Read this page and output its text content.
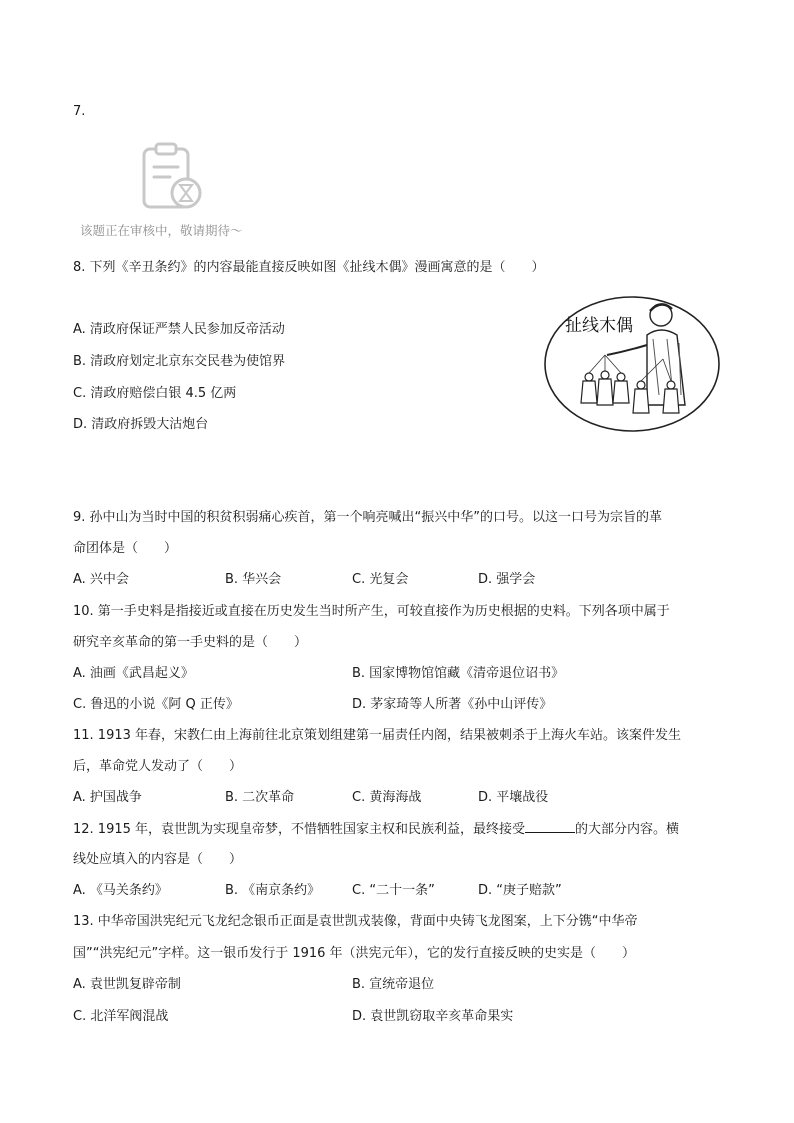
7.
该题正在审核中，敬请期待～
8. 下列《辛丑条约》的内容最能直接反映如图《扯线木偶》漫画寓意的是（　　）
A. 清政府保证严禁人民参加反帝活动
B. 清政府划定北京东交民巷为使馆界
C. 清政府赔偿白银 4.5 亿两
D. 清政府拆毁大沽炮台
扯线木偶
9. 孙中山为当时中国的积贫积弱痛心疾首，第一个响亮喊出“振兴中华”的口号。以这一口号为宗旨的革
命团体是（　　）
A. 兴中会	B. 华兴会	C. 光复会	D. 强学会
10. 第一手史料是指接近或直接在历史发生当时所产生，可较直接作为历史根据的史料。下列各项中属于
研究辛亥革命的第一手史料的是（　　）
A. 油画《武昌起义》	B. 国家博物馆馆藏《清帝退位诏书》
C. 鲁迅的小说《阿 Q 正传》	D. 茅家琦等人所著《孙中山评传》
11. 1913 年春，宋教仁由上海前往北京策划组建第一届责任内阁，结果被刺杀于上海火车站。该案件发生
后，革命党人发动了（　　）
A. 护国战争	B. 二次革命	C. 黄海海战	D. 平壤战役
12. 1915 年，袁世凯为实现皇帝梦，不惜牺牲国家主权和民族利益，最终接受	的大部分内容。横
线处应填入的内容是（　　）
A. 《马关条约》	B. 《南京条约》 C. “二十一条”	D. “庚子赔款”
13. 中华帝国洪宪纪元飞龙纪念银币正面是袁世凯戎装像，背面中央铸飞龙图案，上下分镌“中华帝
国”“洪宪纪元”字样。这一银币发行于 1916 年（洪宪元年），它的发行直接反映的史实是（　　）
A. 袁世凯复辟帝制	B. 宣统帝退位
C. 北洋军阀混战	D. 袁世凯窃取辛亥革命果实
